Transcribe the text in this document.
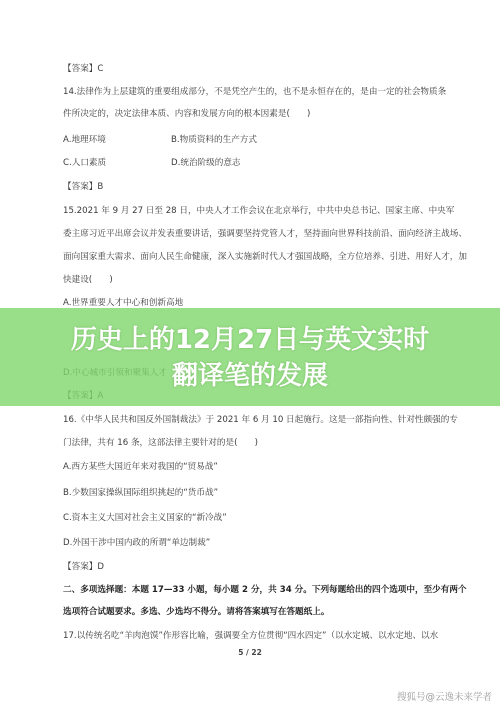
【答案】C
14.法律作为上层建筑的重要组成部分，不是凭空产生的，也不是永恒存在的，是由一定的社会物质条
件所决定的，决定法律本质、内容和发展方向的根本因素是(　　)
A.地理环境	B.物质资料的生产方式
C.人口素质	D.统治阶级的意志
【答案】B
15.2021 年 9 月 27 日至 28 日，中央人才工作会议在北京举行，中共中央总书记、国家主席、中央军
委主席习近平出席会议并发表重要讲话，强调要坚持党管人才，坚持面向世界科技前沿、面向经济主战场、
面向国家重大需求、面向人民生命健康，深入实施新时代人才强国战略，全方位培养、引进、用好人才，加
快建设(　　)
A.世界重要人才中心和创新高地
16.《中华人民共和国反外国制裁法》于 2021 年 6 月 10 日起施行。这是一部指向性、针对性颇强的专
门法律，共有 16 条，这部法律主要针对的是(　　)
A.西方某些大国近年来对我国的“贸易战”
B.少数国家操纵国际组织挑起的“货币战”
C.资本主义大国对社会主义国家的“新冷战”
D.外国干涉中国内政的所谓“单边制裁”
【答案】D
二、多项选择题：本题 17—33 小题，每小题 2 分，共 34 分。下列每题给出的四个选项中，至少有两个
选项符合试题要求。多选、少选均不得分。请将答案填写在答题纸上。
17.以传统名吃“羊肉泡馍”作形容比喻，强调要全方位贯彻“四水四定”（以水定城、以水定地、以水
5 / 22
历史上的12月27日与英文实时
翻译笔的发展
搜狐号@云逸未来学者
